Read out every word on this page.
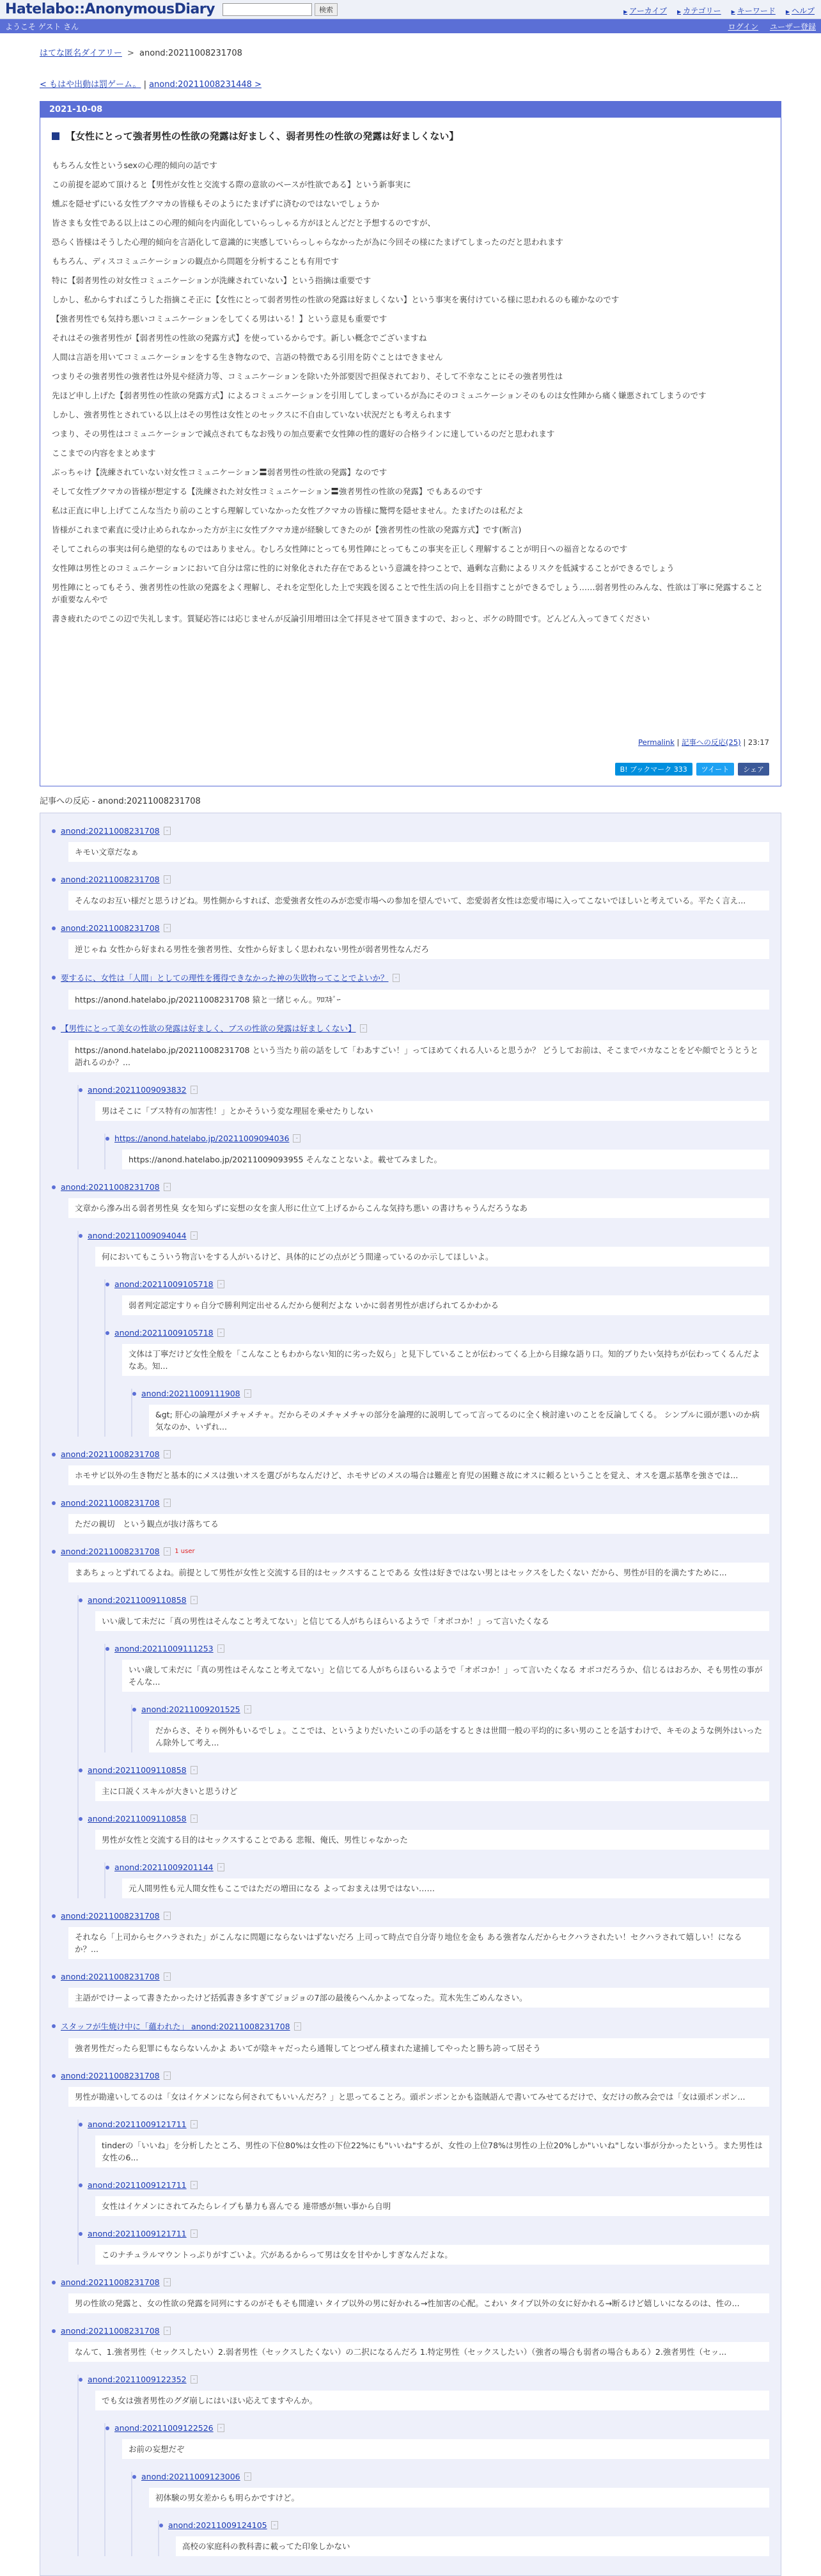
Hatelabo::AnonymousDiary	検索	▶ アーカイブ	▶ カテゴリー	▶ キーワード	▶ ヘルプ
ようこそ ゲスト さん	ログイン ユーザー登録
はてな匿名ダイアリー > anond:20211008231708
< もはや出動は罰ゲーム。 | anond:20211008231448 >
2021-10-08
【女性にとって強者男性の性欲の発露は好ましく、弱者男性の性欲の発露は好ましくない】

もちろん女性というsexの心理的傾向の話です

この前提を認めて頂けると【男性が女性と交流する際の意欲のベースが性欲である】という新事実に

燻ぶを隠せずにいる女性ブクマカの皆様もそのようにたまげずに済むのではないでしょうか

皆さまも女性である以上はこの心理的傾向を内面化していらっしゃる方がほとんどだと予想するのですが、

恐らく皆様はそうした心理的傾向を言語化して意識的に実感していらっしゃらなかったが為に今回その様にたまげてしまったのだと思われます

もちろん、ディスコミュニケーションの観点から問題を分析することも有用です

特に【弱者男性の対女性コミュニケーションが洗練されていない】という指摘は重要です

しかし、私からすればこうした指摘こそ正に【女性にとって弱者男性の性欲の発露は好ましくない】という事実を裏付けている様に思われるのも確かなのです

【強者男性でも気持ち悪いコミュニケーションをしてくる男はいる！】という意見も重要です

それはその強者男性が【弱者男性の性欲の発露方式】を使っているからです。新しい概念でございますね

人間は言語を用いてコミュニケーションをする生き物なので、言語の特徴である引用を防ぐことはできません

つまりその強者男性の強者性は外見や経済力等、コミュニケーションを除いた外部要因で担保されており、そして不幸なことにその強者男性は

先ほど申し上げた【弱者男性の性欲の発露方式】によるコミュニケーションを引用してしまっているが為にそのコミュニケーションそのものは女性陣から痛く嫌悪されてしまうのです

しかし、強者男性とされている以上はその男性は女性とのセックスに不自由していない状況だとも考えられます

つまり、その男性はコミュニケーションで減点されてもなお残りの加点要素で女性陣の性的選好の合格ラインに達しているのだと思われます

ここまでの内容をまとめます

ぶっちゃけ【洗練されていない対女性コミュニケーション〓弱者男性の性欲の発露】なのです

そして女性ブクマカの皆様が想定する【洗練された対女性コミュニケーション〓強者男性の性欲の発露】でもあるのです

私は正直に申し上げてこんな当たり前のことすら理解していなかった女性ブクマカの皆様に驚愕を隠せません。たまげたのは私だよ

皆様がこれまで素直に受け止められなかった方が主に女性ブクマカ達が経験してきたのが【強者男性の性欲の発露方式】です(断言)

そしてこれらの事実は何ら絶望的なものではありません。むしろ女性陣にとっても男性陣にとってもこの事実を正しく理解することが明日への福音となるのです

女性陣は男性とのコミュニケーションにおいて自分は常に性的に対象化された存在であるという意識を持つことで、過剰な言動によるリスクを低減することができるでしょう

男性陣にとってもそう、強者男性の性欲の発露をよく理解し、それを定型化した上で実践を図ることで性生活の向上を目指すことができるでしょう……弱者男性のみんな、性欲は丁寧に発露することが重要なんやで

書き疲れたのでこの辺で失礼します。質疑応答には応じませんが反論引用増田は全て拝見させて頂きますので、おっと、ボケの時間です。どんどん入ってきてください

Permalink | 記事への反応(25) | 23:17
B! ブックマーク 333	ツイート	シェア
記事への反応 - anond:20211008231708
anond:20211008231708	-
キモい文章だなぁ
anond:20211008231708	-
そんなのお互い様だと思うけどね。男性側からすれば、恋愛強者女性のみが恋愛市場への参加を望んでいて、恋愛弱者女性は恋愛市場に入ってこないでほしいと考えている。平たく言え...
anond:20211008231708	-
逆じゃね 女性から好まれる男性を強者男性、女性から好ましく思われない男性が弱者男性なんだろ
要するに、女性は「人間」としての理性を獲得できなかった神の失敗物ってことでよいか？	-
https://anond.hatelabo.jp/20211008231708 猿と一緒じゃん。ﾜﾛｽｷﾞｰ
【男性にとって美女の性欲の発露は好ましく、ブスの性欲の発露は好ましくない】	-
https://anond.hatelabo.jp/20211008231708 という当たり前の話をして「わあすごい！」ってほめてくれる人いると思うか？ どうしてお前は、そこまでバカなことをどや顔でとうとうと語れるのか？...
anond:20211009093832	-
男はそこに「ブス特有の加害性！」とかそういう変な理屈を乗せたりしない
https://anond.hatelabo.jp/20211009094036	-
https://anond.hatelabo.jp/20211009093955 そんなことないよ。載せてみました。
anond:20211008231708	-
文章から滲み出る弱者男性臭 女を知らずに妄想の女を蛮人形に仕立て上げるからこんな気持ち悪い の書けちゃうんだろうなあ
anond:20211009094044	-
何においてもこういう物言いをする人がいるけど、具体的にどの点がどう間違っているのか示してほしいよ。
anond:20211009105718	-
弱者判定認定すりゃ自分で勝利判定出せるんだから便利だよな いかに弱者男性が虐げられてるかわかる
anond:20211009105718	-
文体は丁寧だけど女性全般を「こんなこともわからない知的に劣った奴ら」と見下していることが伝わってくる上から目線な語り口。知的ブりたい気持ちが伝わってくるんだよなあ。知...
anond:20211009111908	-
&gt; 肝心の論理がメチャメチャ。だからそのメチャメチャの部分を論理的に説明してって言ってるのに全く検討違いのことを反論してくる。 シンプルに頭が悪いのか病気なのか、いずれ...
anond:20211008231708	-
ホモサピ以外の生き物だと基本的にメスは強いオスを選びがちなんだけど、ホモサピのメスの場合は難産と育児の困難さ故にオスに頼るということを覚え、オスを選ぶ基準を強さでは...
anond:20211008231708	-
ただの親切　という観点が抜け落ちてる
anond:20211008231708	-	1 user
まあちょっとずれてるよね。前提として男性が女性と交流する目的はセックスすることである 女性は好きではない男とはセックスをしたくない だから、男性が目的を満たすために...
anond:20211009110858	-
いい歳して未だに「真の男性はそんなこと考えてない」と信じてる人がちらほらいるようで「オボコか！」って言いたくなる
anond:20211009111253	-
いい歳して未だに「真の男性はそんなこと考えてない」と信じてる人がちらほらいるようで「オボコか！」って言いたくなる オボコだろうか、信じるはおろか、そも男性の事が そんな...
anond:20211009201525	-
だからさ、そりゃ例外もいるでしょ。ここでは、というよりだいたいこの手の話をするときは世間一般の平均的に多い男のことを話すわけで、キモのような例外はいったん除外して考え...
anond:20211009110858	-
主に口説くスキルが大きいと思うけど
anond:20211009110858	-
男性が女性と交流する目的はセックスすることである 悲報、俺氏、男性じゃなかった
anond:20211009201144	-
元人間男性も元人間女性もここではただの増田になる よっておまえは男ではない……
anond:20211008231708	-
それなら「上司からセクハラされた」がこんなに問題にならないはずないだろ 上司って時点で自分寄り地位を金も ある強者なんだからセクハラされたい！セクハラされて嬉しい！になるか？...
anond:20211008231708	-
主語がでけーよって書きたかったけど括弧書き多すぎてジョジョの7部の最後らへんかよってなった。荒木先生ごめんなさい。
スタッフが生焼け中に「蘊われた」 anond:20211008231708	-
強者男性だったら犯罪にもならないんかよ あいてが陰キャだったら通報してとつぜん積まれた逮捕してやったと勝ち誇って居そう
anond:20211008231708	-
男性が勘違いしてるのは「女はイケメンになら何されてもいいんだろ？」と思ってることろ。頭ポンポンとかも盗賊語んで書いてみせてるだけで、女だけの飲み会では「女は頭ポンポン...
anond:20211009121711	-
tinderの「いいね」を分析したところ、男性の下位80%は女性の下位22%にも"いいね"するが、女性の上位78%は男性の上位20%しか"いいね"しない事が分かったという。また男性は女性の6...
anond:20211009121711	-
女性はイケメンにされてみたらレイプも暴力も喜んでる 連帯感が無い事から自明
anond:20211009121711	-
このナチュラルマウントっぷりがすごいよ。穴があるからって男は女を甘やかしすぎなんだよな。
anond:20211008231708	-
男の性欲の発露と、女の性欲の発露を同列にするのがそもそも間違い タイプ以外の男に好かれる→性加害の心配。こわい タイプ以外の女に好かれる→断るけど嬉しいになるのは、性の...
anond:20211008231708	-
なんて、1.強者男性（セックスしたい）2.弱者男性（セックスしたくない）の二択になるんだろ 1.特定男性（セックスしたい）（強者の場合も弱者の場合もある）2.強者男性（セッ...
anond:20211009122352	-
でも女は強者男性のグダ崩しにはいほい応えてますやんか。
anond:20211009122526	-
お前の妄想だぞ
anond:20211009123006	-
初体験の男女差からも明らかですけど。
anond:20211009124105	-
高校の家庭科の教科書に載ってた印象しかない
